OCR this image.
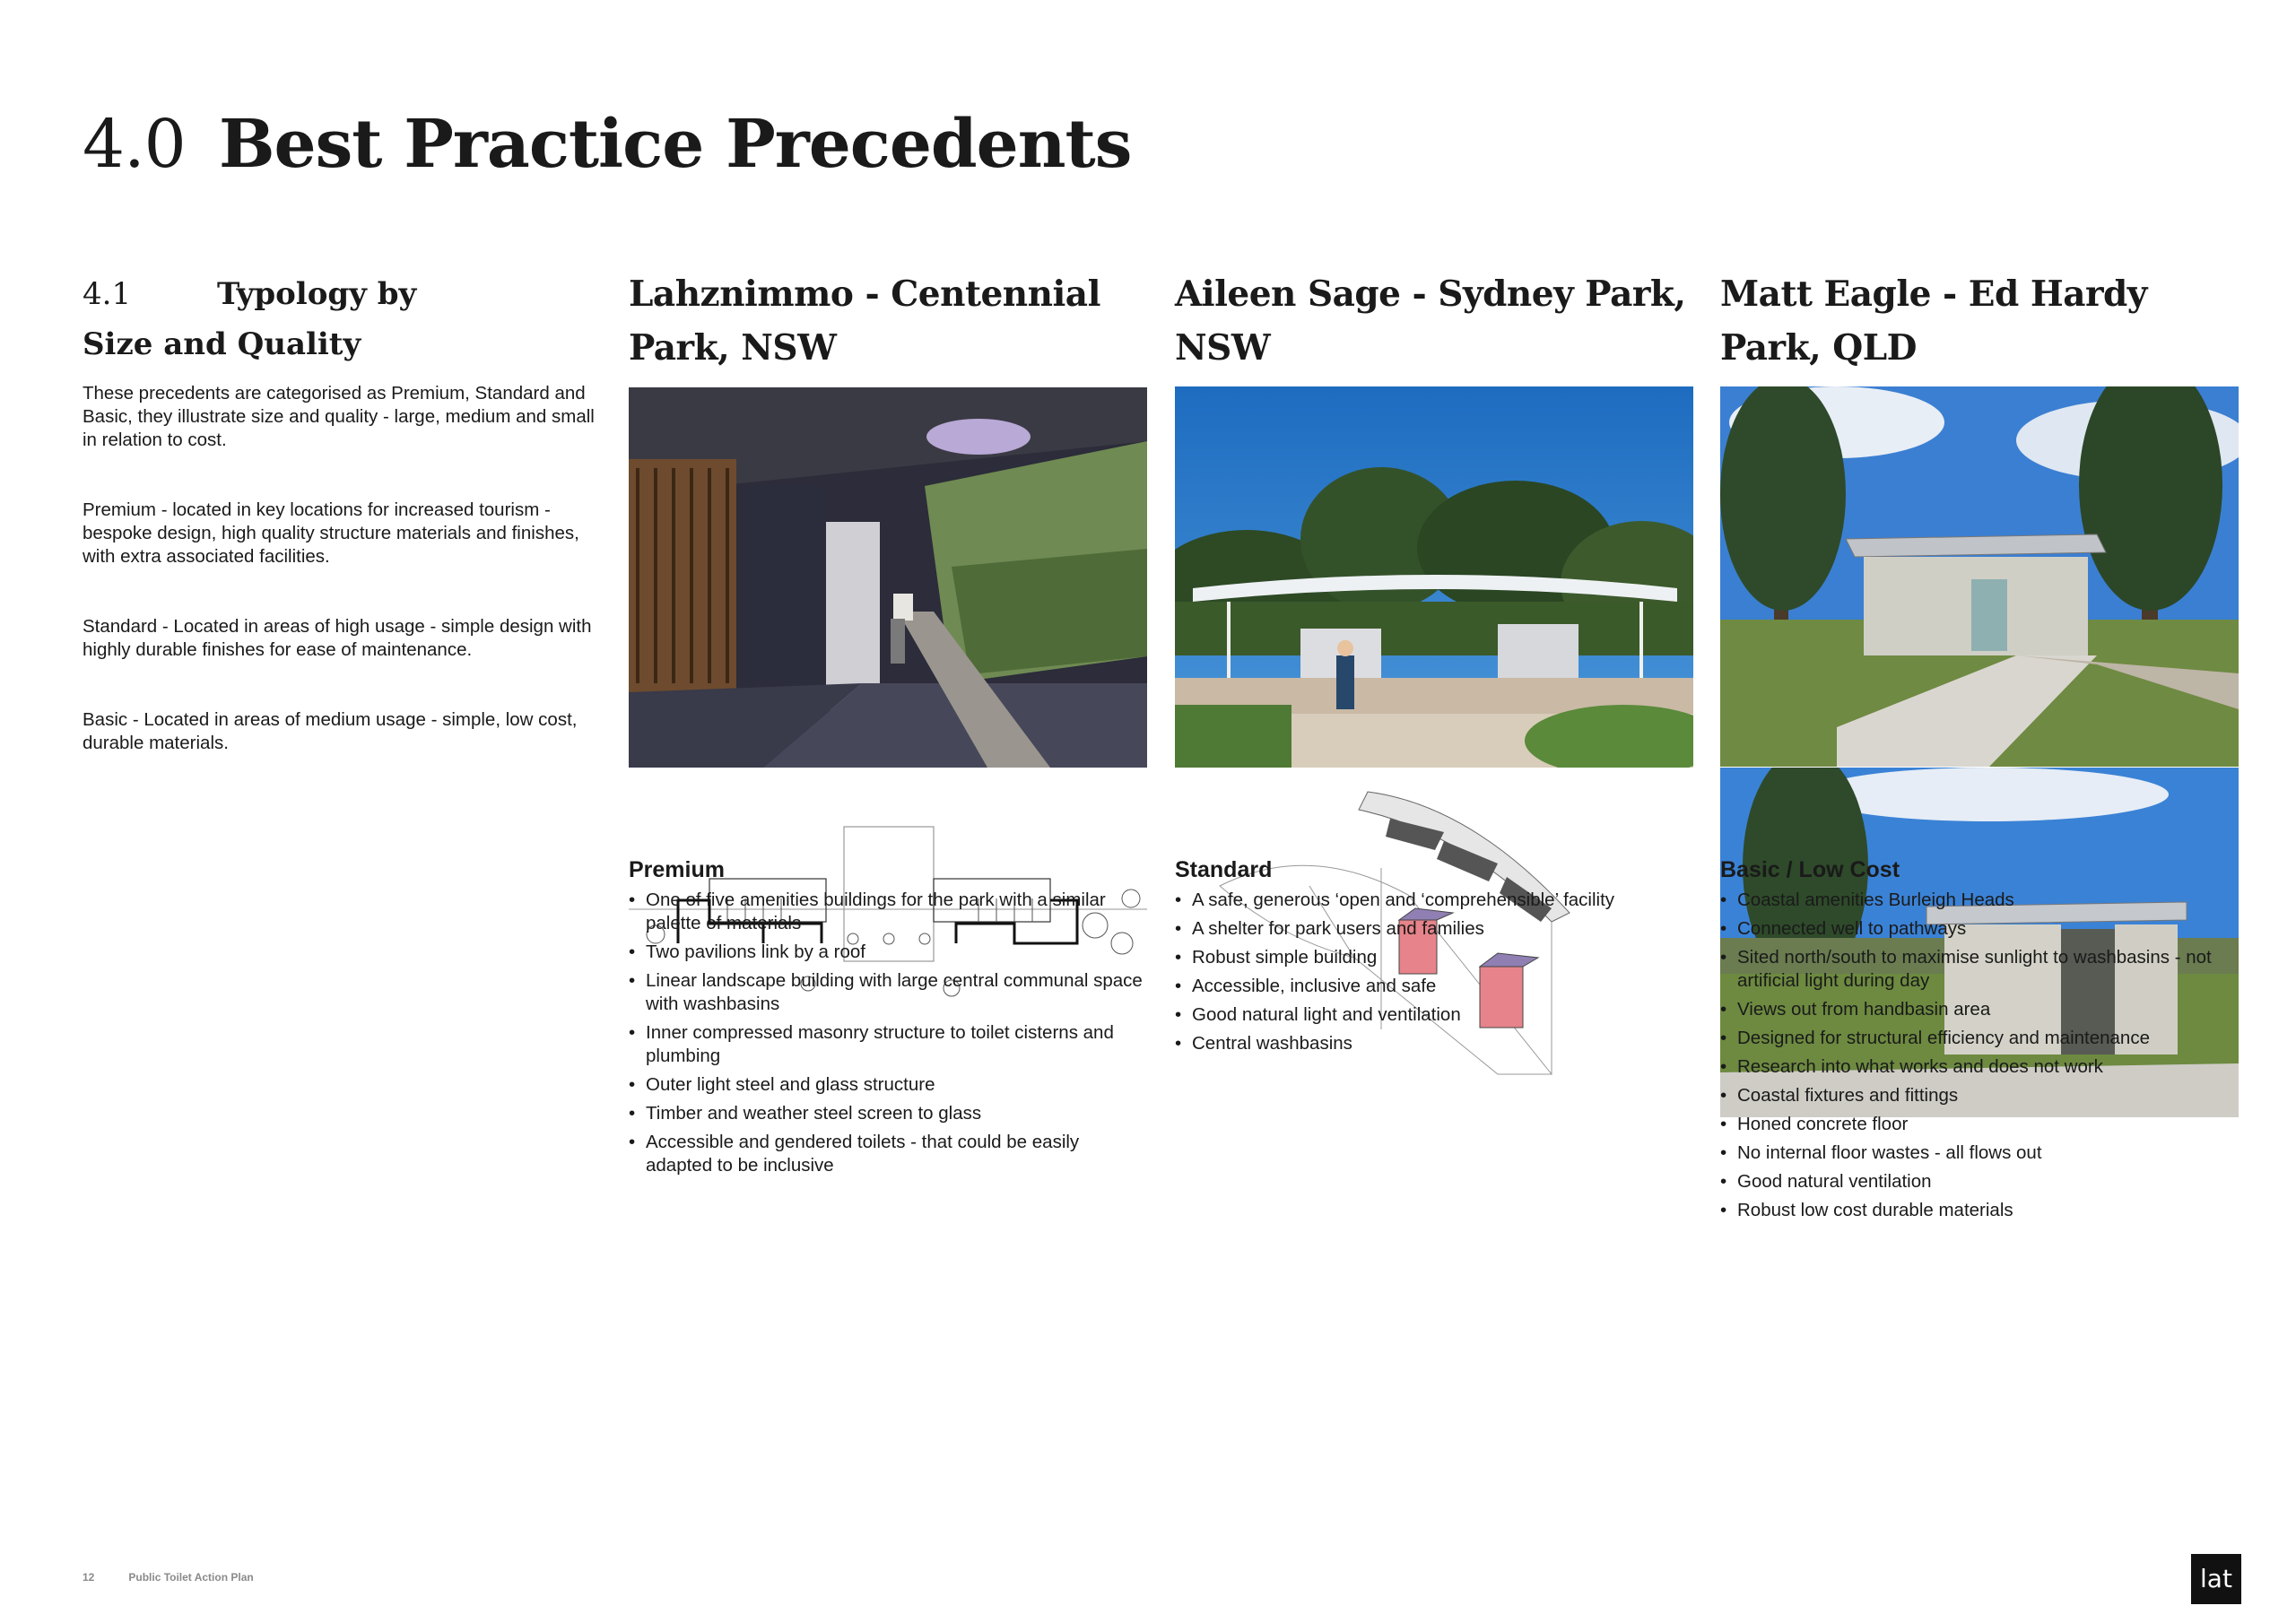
4.0 Best Practice Precedents
4.1	Typology by
Size and Quality

These precedents are categorised as Premium, Standard and Basic, they illustrate size and quality - large, medium and small in relation to cost.

Premium - located in key locations for increased tourism - bespoke design, high quality structure materials and finishes, with extra associated facilities.

Standard - Located in areas of high usage - simple design with highly durable finishes for ease of maintenance.

Basic - Located in areas of medium usage - simple, low cost, durable materials.

Lahznimmo - Centennial Park, NSW
Aileen Sage - Sydney Park, NSW
Matt Eagle - Ed Hardy Park, QLD
Premium
• One of five amenities buildings for the park with a similar palette of materials
• Two pavilions link by a roof
• Linear landscape building with large central communal space with washbasins
• Inner compressed masonry structure to toilet cisterns and plumbing
• Outer light steel and glass structure
• Timber and weather steel screen to glass
• Accessible and gendered toilets - that could be easily adapted to be inclusive
Standard
• A safe, generous ‘open and ‘comprehensible’ facility
• A shelter for park users and families
• Robust simple building
• Accessible, inclusive and safe
• Good natural light and ventilation
• Central washbasins
Basic / Low Cost
• Coastal amenities Burleigh Heads
• Connected well to pathways
• Sited north/south to maximise sunlight to washbasins - not artificial light during day
• Views out from handbasin area
• Designed for structural efficiency and maintenance
• Research into what works and does not work
• Coastal fixtures and fittings
• Honed concrete floor
• No internal floor wastes - all flows out
• Good natural ventilation
• Robust low cost durable materials
12	Public Toilet Action Plan	lat
